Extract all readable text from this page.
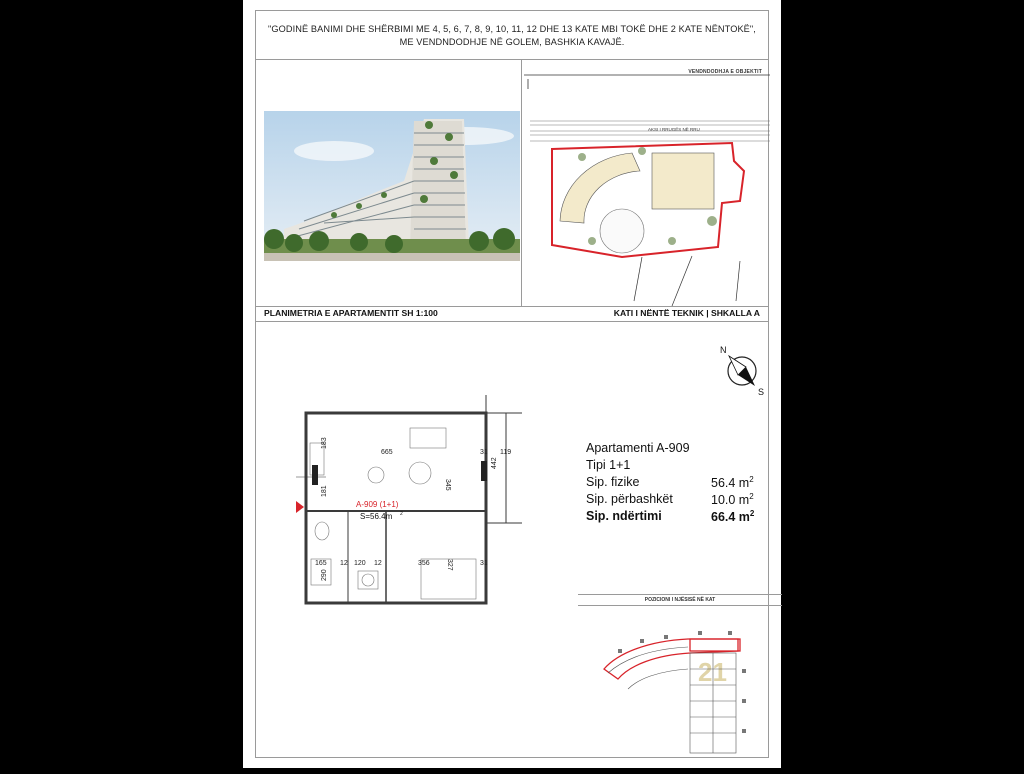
"GODINË BANIMI DHE SHËRBIMI ME 4, 5, 6, 7, 8, 9, 10, 11, 12 DHE 13 KATE MBI TOKË DHE 2 KATE NËNTOKË",
ME VENDNDODHJE NË GOLEM, BASHKIA KAVAJË.
VENDNDODHJA E OBJEKTIT
AKSI I RRUGËS NË RRU
PLANIMETRIA E APARTAMENTIT SH 1:100	KATI I NËNTË TEKNIK | SHKALLA A
N
S
665
183
345
31 119
442
181
165 12 120 12	356 327
290
31
A-909 (1+1)
S=56.4m 2
Apartamenti A-909
Tipi 1+1
Sip. fizike	56.4 $m^2$
Sip. përbashkët	10.0 $m^2$
Sip. ndërtimi	66.4 $m^2$
POZICIONI I NJËSISË NË KAT
21
